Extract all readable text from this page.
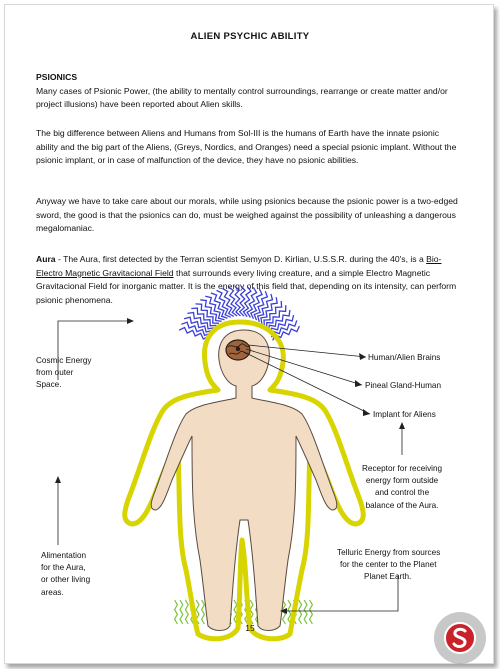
ALIEN PSYCHIC ABILITY
PSIONICS
Many cases of Psionic Power, (the ability to mentally control surroundings, rearrange or create matter and/or project illusions) have been reported about Alien skills.
The big difference between Aliens and Humans from Sol-III is the humans of Earth have the innate psionic ability and the big part of the Aliens, (Greys, Nordics, and Oranges) need a special psionic implant. Without the psionic implant, or in case of malfunction of the device, they have no psionic abilities.
Anyway we have to take care about our morals, while using psionics because the psionic power is a two-edged sword, the good is that the psionics can do, must be weighed against the possibility of unleashing a dangerous megalomaniac.
Aura - The Aura, first detected by the Terran scientist Semyon D. Kirlian, U.S.S.R. during the 40's, is a Bio-Electro Magnetic Gravitacional Field that surrounds every living creature, and a simple Electro Magnetic Gravitacional Field for inorganic matter. It is the energy of this field that, depending on its intensity, can perform psionic phenomena.
Cosmic Energy
from outer
Space.
Alimentation
for the Aura,
or other living
areas.
Human/Alien Brains
Pineal Gland-Human
Implant for Aliens
Receptor for receiving
energy form outside
and control the
balance of the Aura.
Telluric Energy from sources
for the center to the Planet
Planet Earth.
15
